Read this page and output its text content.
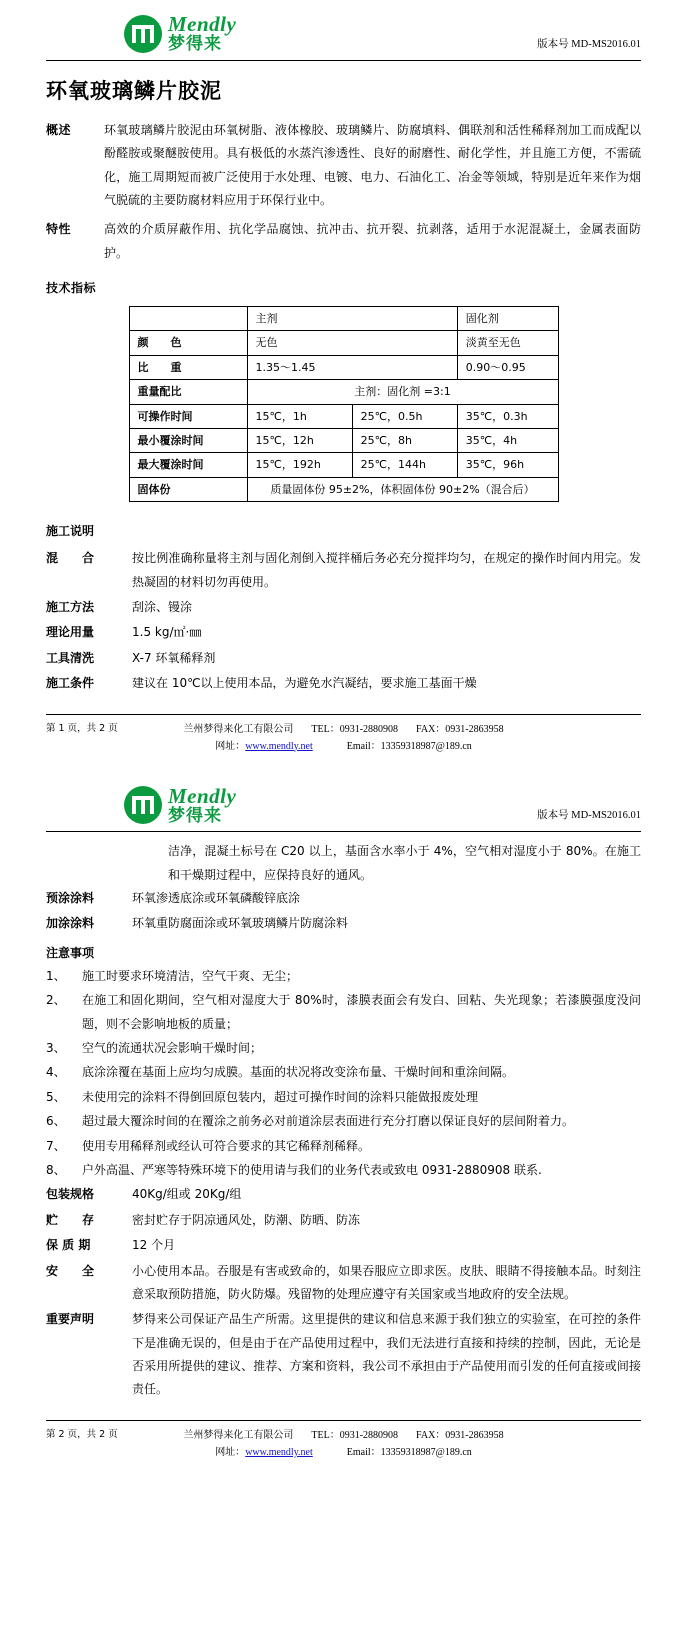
Mendly
梦得来	版本号 MD-MS2016.01
环氧玻璃鳞片胶泥
概述	环氧玻璃鳞片胶泥由环氧树脂、液体橡胶、玻璃鳞片、防腐填料、偶联剂和活性稀释剂加工而成配以酚醛胺或聚醚胺使用。具有极低的水蒸汽渗透性、良好的耐磨性、耐化学性，并且施工方便，不需硫化，施工周期短而被广泛使用于水处理、电镀、电力、石油化工、冶金等领域，特别是近年来作为烟气脱硫的主要防腐材料应用于环保行业中。
特性	高效的介质屏蔽作用、抗化学品腐蚀、抗冲击、抗开裂、抗剥落，适用于水泥混凝土，金属表面防护。
技术指标
	主剂		固化剂
颜　　色	无色		淡黄至无色
比　　重	1.35～1.45		0.90～0.95
重量配比	主剂：固化剂 =3:1		
可操作时间	15℃，1h	25℃，0.5h	35℃，0.3h
最小覆涂时间	15℃，12h	25℃，8h	35℃，4h
最大覆涂时间	15℃，192h	25℃，144h	35℃，96h
固体份	质量固体份 95±2%，体积固体份 90±2%（混合后）		
施工说明
混　　合	按比例准确称量将主剂与固化剂倒入搅拌桶后务必充分搅拌均匀，在规定的操作时间内用完。发热凝固的材料切勿再使用。
施工方法	刮涂、镘涂
理论用量	1.5 kg/㎡·㎜
工具清洗	X-7 环氧稀释剂
施工条件	建议在 10℃以上使用本品，为避免水汽凝结，要求施工基面干燥
第 1 页，共 2 页	兰州梦得来化工有限公司 TEL：0931-2880908 FAX：0931-2863958
网址：www.mendly.net	Email：13359318987@189.cn
Mendly
梦得来	版本号 MD-MS2016.01
洁净，混凝土标号在 C20 以上，基面含水率小于 4%，空气相对湿度小于 80%。在施工和干燥期过程中，应保持良好的通风。
预涂涂料	环氧渗透底涂或环氧磷酸锌底涂
加涂涂料	环氧重防腐面涂或环氧玻璃鳞片防腐涂料
注意事项
1、	施工时要求环境清洁，空气干爽、无尘；
2、	在施工和固化期间，空气相对湿度大于 80%时，漆膜表面会有发白、回粘、失光现象；若漆膜强度没问题，则不会影响地板的质量；
3、	空气的流通状况会影响干燥时间；
4、	底涂涂覆在基面上应均匀成膜。基面的状况将改变涂布量、干燥时间和重涂间隔。
5、	未使用完的涂料不得倒回原包装内，超过可操作时间的涂料只能做报废处理
6、	超过最大覆涂时间的在覆涂之前务必对前道涂层表面进行充分打磨以保证良好的层间附着力。
7、	使用专用稀释剂或经认可符合要求的其它稀释剂稀释。
8、	户外高温、严寒等特殊环境下的使用请与我们的业务代表或致电 0931-2880908 联系.
包装规格	40Kg/组或 20Kg/组
贮　　存	密封贮存于阴凉通风处，防潮、防晒、防冻
保 质 期	12 个月
安　　全	小心使用本品。吞服是有害或致命的，如果吞服应立即求医。皮肤、眼睛不得接触本品。时刻注意采取预防措施，防火防爆。残留物的处理应遵守有关国家或当地政府的安全法规。
重要声明	梦得来公司保证产品生产所需。这里提供的建议和信息来源于我们独立的实验室，在可控的条件下是准确无误的，但是由于在产品使用过程中，我们无法进行直接和持续的控制，因此，无论是否采用所提供的建议、推荐、方案和资料，我公司不承担由于产品使用而引发的任何直接或间接责任。
第 2 页，共 2 页	兰州梦得来化工有限公司 TEL：0931-2880908 FAX：0931-2863958
网址：www.mendly.net	Email：13359318987@189.cn
